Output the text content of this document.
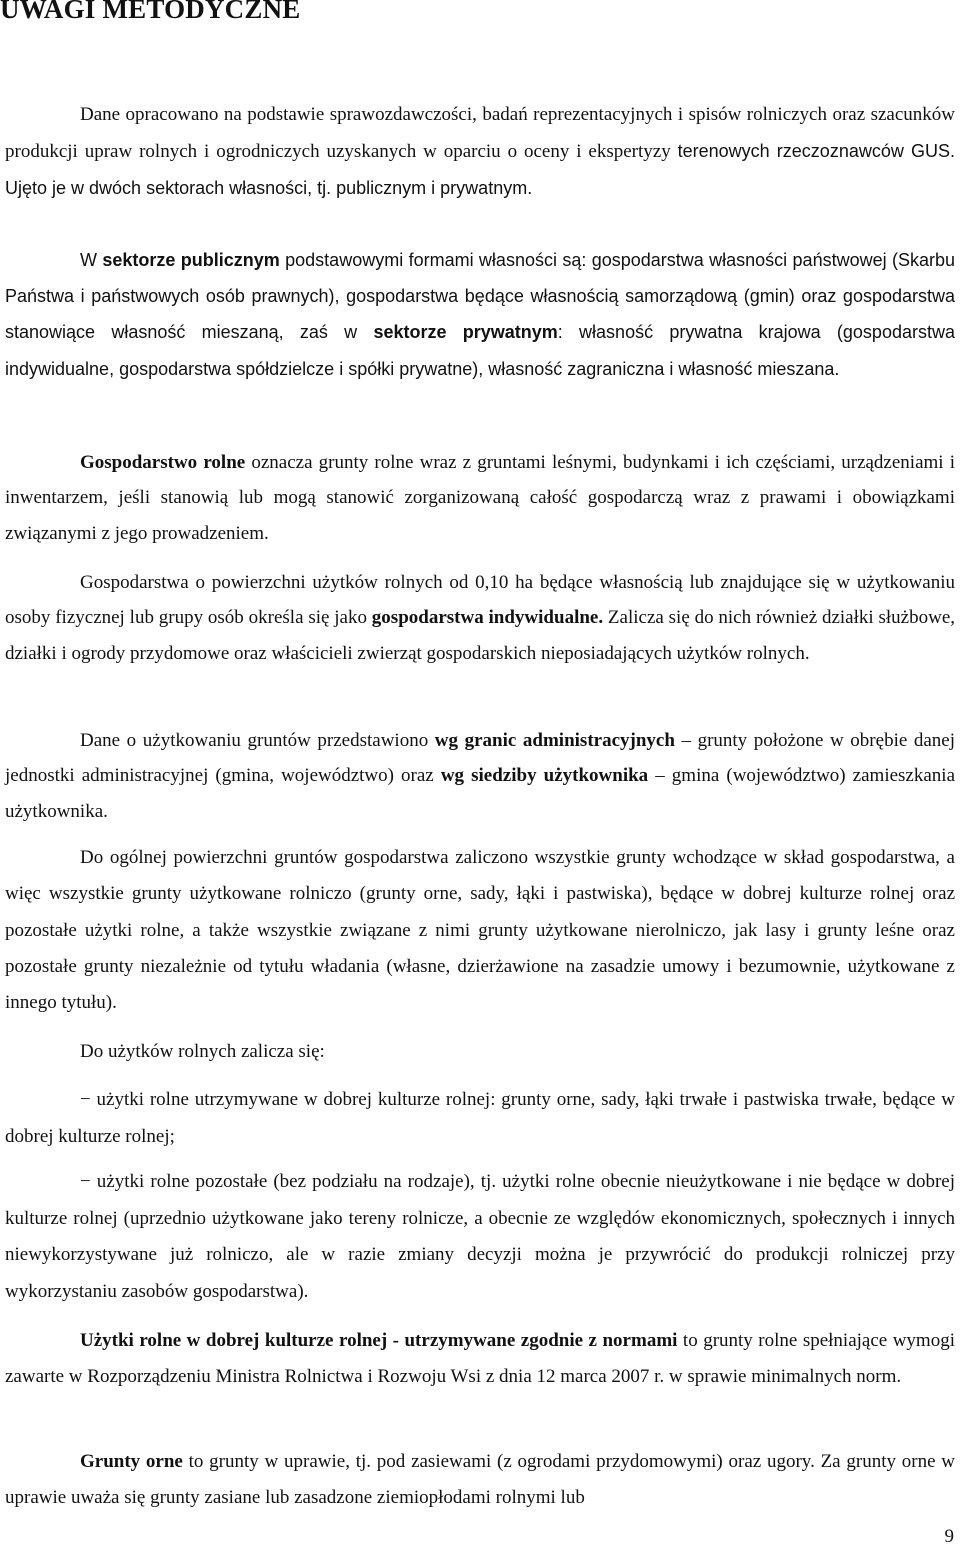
UWAGI METODYCZNE

Dane opracowano na podstawie sprawozdawczości, badań reprezentacyjnych i spisów rolniczych oraz szacunków produkcji upraw rolnych i ogrodniczych uzyskanych w oparciu o oceny i ekspertyzy terenowych rzeczoznawców GUS. Ujęto je w dwóch sektorach własności, tj. publicznym i prywatnym.

W sektorze publicznym podstawowymi formami własności są: gospodarstwa własności państwowej (Skarbu Państwa i państwowych osób prawnych), gospodarstwa będące własnością samorządową (gmin) oraz gospodarstwa stanowiące własność mieszaną, zaś w sektorze prywatnym: własność prywatna krajowa (gospodarstwa indywidualne, gospodarstwa spółdzielcze i spółki prywatne), własność zagraniczna i własność mieszana.

Gospodarstwo rolne oznacza grunty rolne wraz z gruntami leśnymi, budynkami i ich częściami, urządzeniami i inwentarzem, jeśli stanowią lub mogą stanowić zorganizowaną całość gospodarczą wraz z prawami i obowiązkami związanymi z jego prowadzeniem.

Gospodarstwa o powierzchni użytków rolnych od 0,10 ha będące własnością lub znajdujące się w użytkowaniu osoby fizycznej lub grupy osób określa się jako gospodarstwa indywidualne. Zalicza się do nich również działki służbowe, działki i ogrody przydomowe oraz właścicieli zwierząt gospodarskich nieposiadających użytków rolnych.

Dane o użytkowaniu gruntów przedstawiono wg granic administracyjnych – grunty położone w obrębie danej jednostki administracyjnej (gmina, województwo) oraz wg siedziby użytkownika – gmina (województwo) zamieszkania użytkownika.

Do ogólnej powierzchni gruntów gospodarstwa zaliczono wszystkie grunty wchodzące w skład gospodarstwa, a więc wszystkie grunty użytkowane rolniczo (grunty orne, sady, łąki i pastwiska), będące w dobrej kulturze rolnej oraz pozostałe użytki rolne, a także wszystkie związane z nimi grunty użytkowane nierolniczo, jak lasy i grunty leśne oraz pozostałe grunty niezależnie od tytułu władania (własne, dzierżawione na zasadzie umowy i bezumownie, użytkowane z innego tytułu).

Do użytków rolnych zalicza się:

− użytki rolne utrzymywane w dobrej kulturze rolnej: grunty orne, sady, łąki trwałe i pastwiska trwałe, będące w dobrej kulturze rolnej;

− użytki rolne pozostałe (bez podziału na rodzaje), tj. użytki rolne obecnie nieużytkowane i nie będące w dobrej kulturze rolnej (uprzednio użytkowane jako tereny rolnicze, a obecnie ze względów ekonomicznych, społecznych i innych niewykorzystywane już rolniczo, ale w razie zmiany decyzji można je przywrócić do produkcji rolniczej przy wykorzystaniu zasobów gospodarstwa).

Użytki rolne w dobrej kulturze rolnej - utrzymywane zgodnie z normami to grunty rolne spełniające wymogi zawarte w Rozporządzeniu Ministra Rolnictwa i Rozwoju Wsi z dnia 12 marca 2007 r. w sprawie minimalnych norm.

Grunty orne to grunty w uprawie, tj. pod zasiewami (z ogrodami przydomowymi) oraz ugory. Za grunty orne w uprawie uważa się grunty zasiane lub zasadzone ziemiopłodami rolnymi lub

9
